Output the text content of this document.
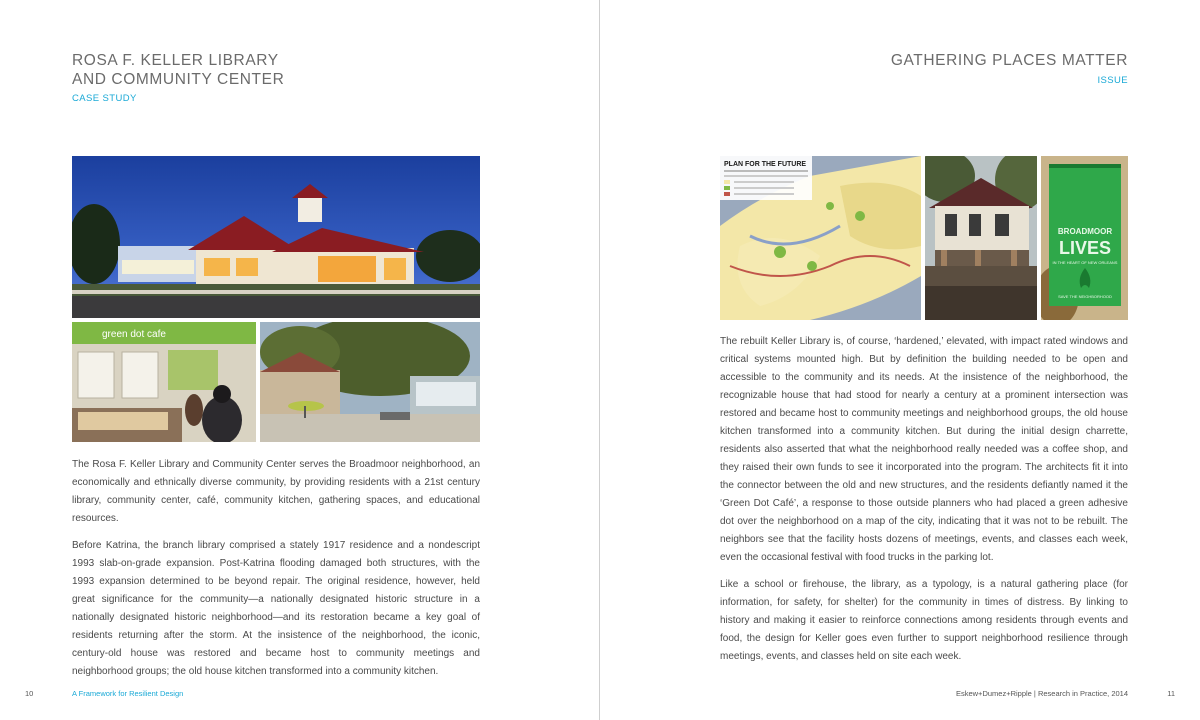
ROSA F. KELLER LIBRARY
AND COMMUNITY CENTER
CASE STUDY
green dot cafe

The Rosa F. Keller Library and Community Center serves the Broadmoor neighborhood, an economically and ethnically diverse community, by providing residents with a 21st century library, community center, café, community kitchen, gathering spaces, and educational resources.

Before Katrina, the branch library comprised a stately 1917 residence and a nondescript 1993 slab-on-grade expansion. Post-Katrina flooding damaged both structures, with the 1993 expansion determined to be beyond repair. The original residence, however, held great significance for the community—a nationally designated historic structure in a nationally designated historic neighborhood—and its restoration became a key goal of residents returning after the storm. At the insistence of the neighborhood, the iconic, century-old house was restored and became host to community meetings and neighborhood groups; the old house kitchen transformed into a community kitchen.

10	A Framework for Resilient Design
GATHERING PLACES MATTER
ISSUE
PLAN FOR THE FUTURE
BROADMOOR
LIVES
IN THE HEART OF NEW ORLEANS
SAVE THE NEIGHBORHOOD

The rebuilt Keller Library is, of course, ‘hardened,’ elevated, with impact rated windows and critical systems mounted high. But by definition the building needed to be open and accessible to the community and its needs. At the insistence of the neighborhood, the recognizable house that had stood for nearly a century at a prominent intersection was restored and became host to community meetings and neighborhood groups, the old house kitchen transformed into a community kitchen. But during the initial design charrette, residents also asserted that what the neighborhood really needed was a coffee shop, and they raised their own funds to see it incorporated into the program. The architects fit it into the connector between the old and new structures, and the residents defiantly named it the ‘Green Dot Café’, a response to those outside planners who had placed a green adhesive dot over the neighborhood on a map of the city, indicating that it was not to be rebuilt. The neighbors see that the facility hosts dozens of meetings, events, and classes each week, even the occasional festival with food trucks in the parking lot.

Like a school or firehouse, the library, as a typology, is a natural gathering place (for information, for safety, for shelter) for the community in times of distress. By linking to history and making it easier to reinforce connections among residents through events and food, the design for Keller goes even further to support neighborhood resilience through meetings, events, and classes held on site each week.

Eskew+Dumez+Ripple | Research in Practice, 2014	11
